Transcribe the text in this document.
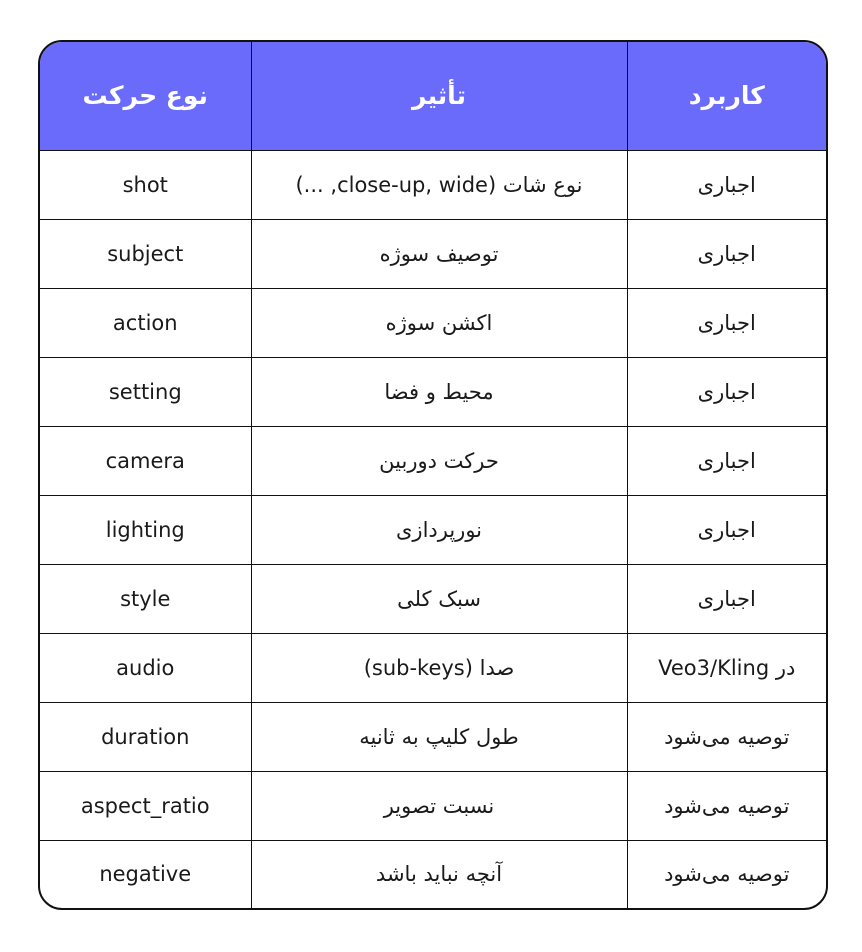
نوع حرکت	تأثیر	کاربرد
shot	نوع شات (close-up, wide, ...)	اجباری
subject	توصیف سوژه	اجباری
action	اکشن سوژه	اجباری
setting	محیط و فضا	اجباری
camera	حرکت دوربین	اجباری
lighting	نورپردازی	اجباری
style	سبک کلی	اجباری
audio	صدا (sub-keys)	در Veo3/Kling
duration	طول کلیپ به ثانیه	توصیه می‌شود
aspect_ratio	نسبت تصویر	توصیه می‌شود
negative	آنچه نباید باشد	توصیه می‌شود
